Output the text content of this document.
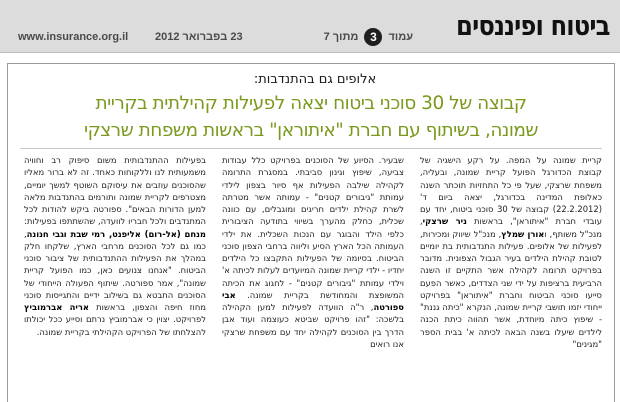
ביטוח ופיננסים
www.insurance.org.il 23 בפברואר 2012	עמוד 3 מתוך 7
אלופים גם בהתנדבות:
קבוצה של 30 סוכני ביטוח יצאה לפעילות קהילתית בקריית
שמונה, בשיתוף עם חברת "איתוראן" בראשות משפחת שרצקי

קריית שמונה על המפה. על רקע הישגיה של קבוצת הכדורגל הפועל קריית שמונה, ובעליה, משפחת שרצקי, שעל פי כל התחזיות תוכתר השנה כאלופת המדינה בכדורגל, יצאה ביום ד' (22.2.2012) קבוצה של 30 סוכני ביטוח, יחד עם עובדי חברת "איתוראן", בראשות ניר שרצקי, מנכ"ל משותף, ואורן שמלץ, מנכ"ל שיווק ומכירות, לפעילות של אלופים. פעילות התנדבותית בת יומיים לטובת קהילת הילדים בעיר הגבול הצפונית. מדובר בפרויקט תרומה לקהילה אשר התקיים זו השנה הרביעית ברציפות על ידי שני הצדדים, כאשר הפעם סייעו סוכני הביטוח וחברת "איתוראן" בפרויקט ייחודי יזמו תושבי קריית שמונה, הנקרא "כיתה גננת" - שיפוץ כיתה מיוחדת, אשר תהווה כיתת הכנה לילדים שיעלו בשנה הבאה לכיתה א' בבית הספר "מגינים"

שבעיר. הסיוע של הסוכנים בפרויקט כלל עבודות צביעה, שיפוץ וגינון סביבתי. במסגרת התרומה לקהילה שילבה הפעילות אף סיור בצפון לילדי עמותת "גיבורים קטנים" - עמותה אשר מטרתה לשרת קהילת ילדים חריגים ומוגבלים, עם כוונה שכלית, כחלק מהערך בשיווי בתודעה הציבורית כלפי הילד והבוגר עם הנכות השכלית. את ילדי העמותה הכל הארץ הסיע וליווה ברחבי הצפון סוכני הביטוח. בסיומה של הפעילות התקבצו כל הילדים יחדיו - ילדי קריית שמונה המיועדים לעלות לכיתה א' וילדי עמותת "גיבורים קטנים" - לחגוג את הכיתה המשופצת והמחודשת בקריית שמונה. אבי ספורטה, ר"ה הוועדה לפעילות למען הקהילה בלשכה: "זהו פרויקט שביטא כעוצמה ועוד אבן הדרך בין הסוכנים לקהילה יחד עם משפחת שרצקי אנו רואים

בפעילות ההתנדבותית משום סיפוק רב וחוויה משמעותית לנו וללקוחות כאחד. זה לא ברור מאליו שהסוכנים עוזבים את עיסוקם השוטף למשך יומיים, מצטרפים לקריית שמונה ותורמים בהתנדבות מלאה למען הדורות הבאים". ספורטה ביקש להודות לכל המתנדבים ולכל חבריו לוועדה, שהשתתפו בפעילות: מנחם (אל-רום) אליפנט, רמי שבת וגבי חנונה, כמו גם לכל הסוכנים מרחבי הארץ, שלקחו חלק במהלך את הפעילות ההתנדבותית של ציבור סוכני הביטוח. "אנחנו צנועים כאן, כמו הפועל קריית שמונה", אמר ספורטה. שיתוף הפעולה הייחודי של הסוכנים התבטא גם בשילוב ידיים והתגייסות סוכני מחוז חיפה והצפון, בראשות אריה אברמוביץ לפרויקט. יצוין כי אברמוביץ נרתם וסייע ככל יכולתו להצלחתו של הפרויקט הקהילתי בקריית שמונה.
